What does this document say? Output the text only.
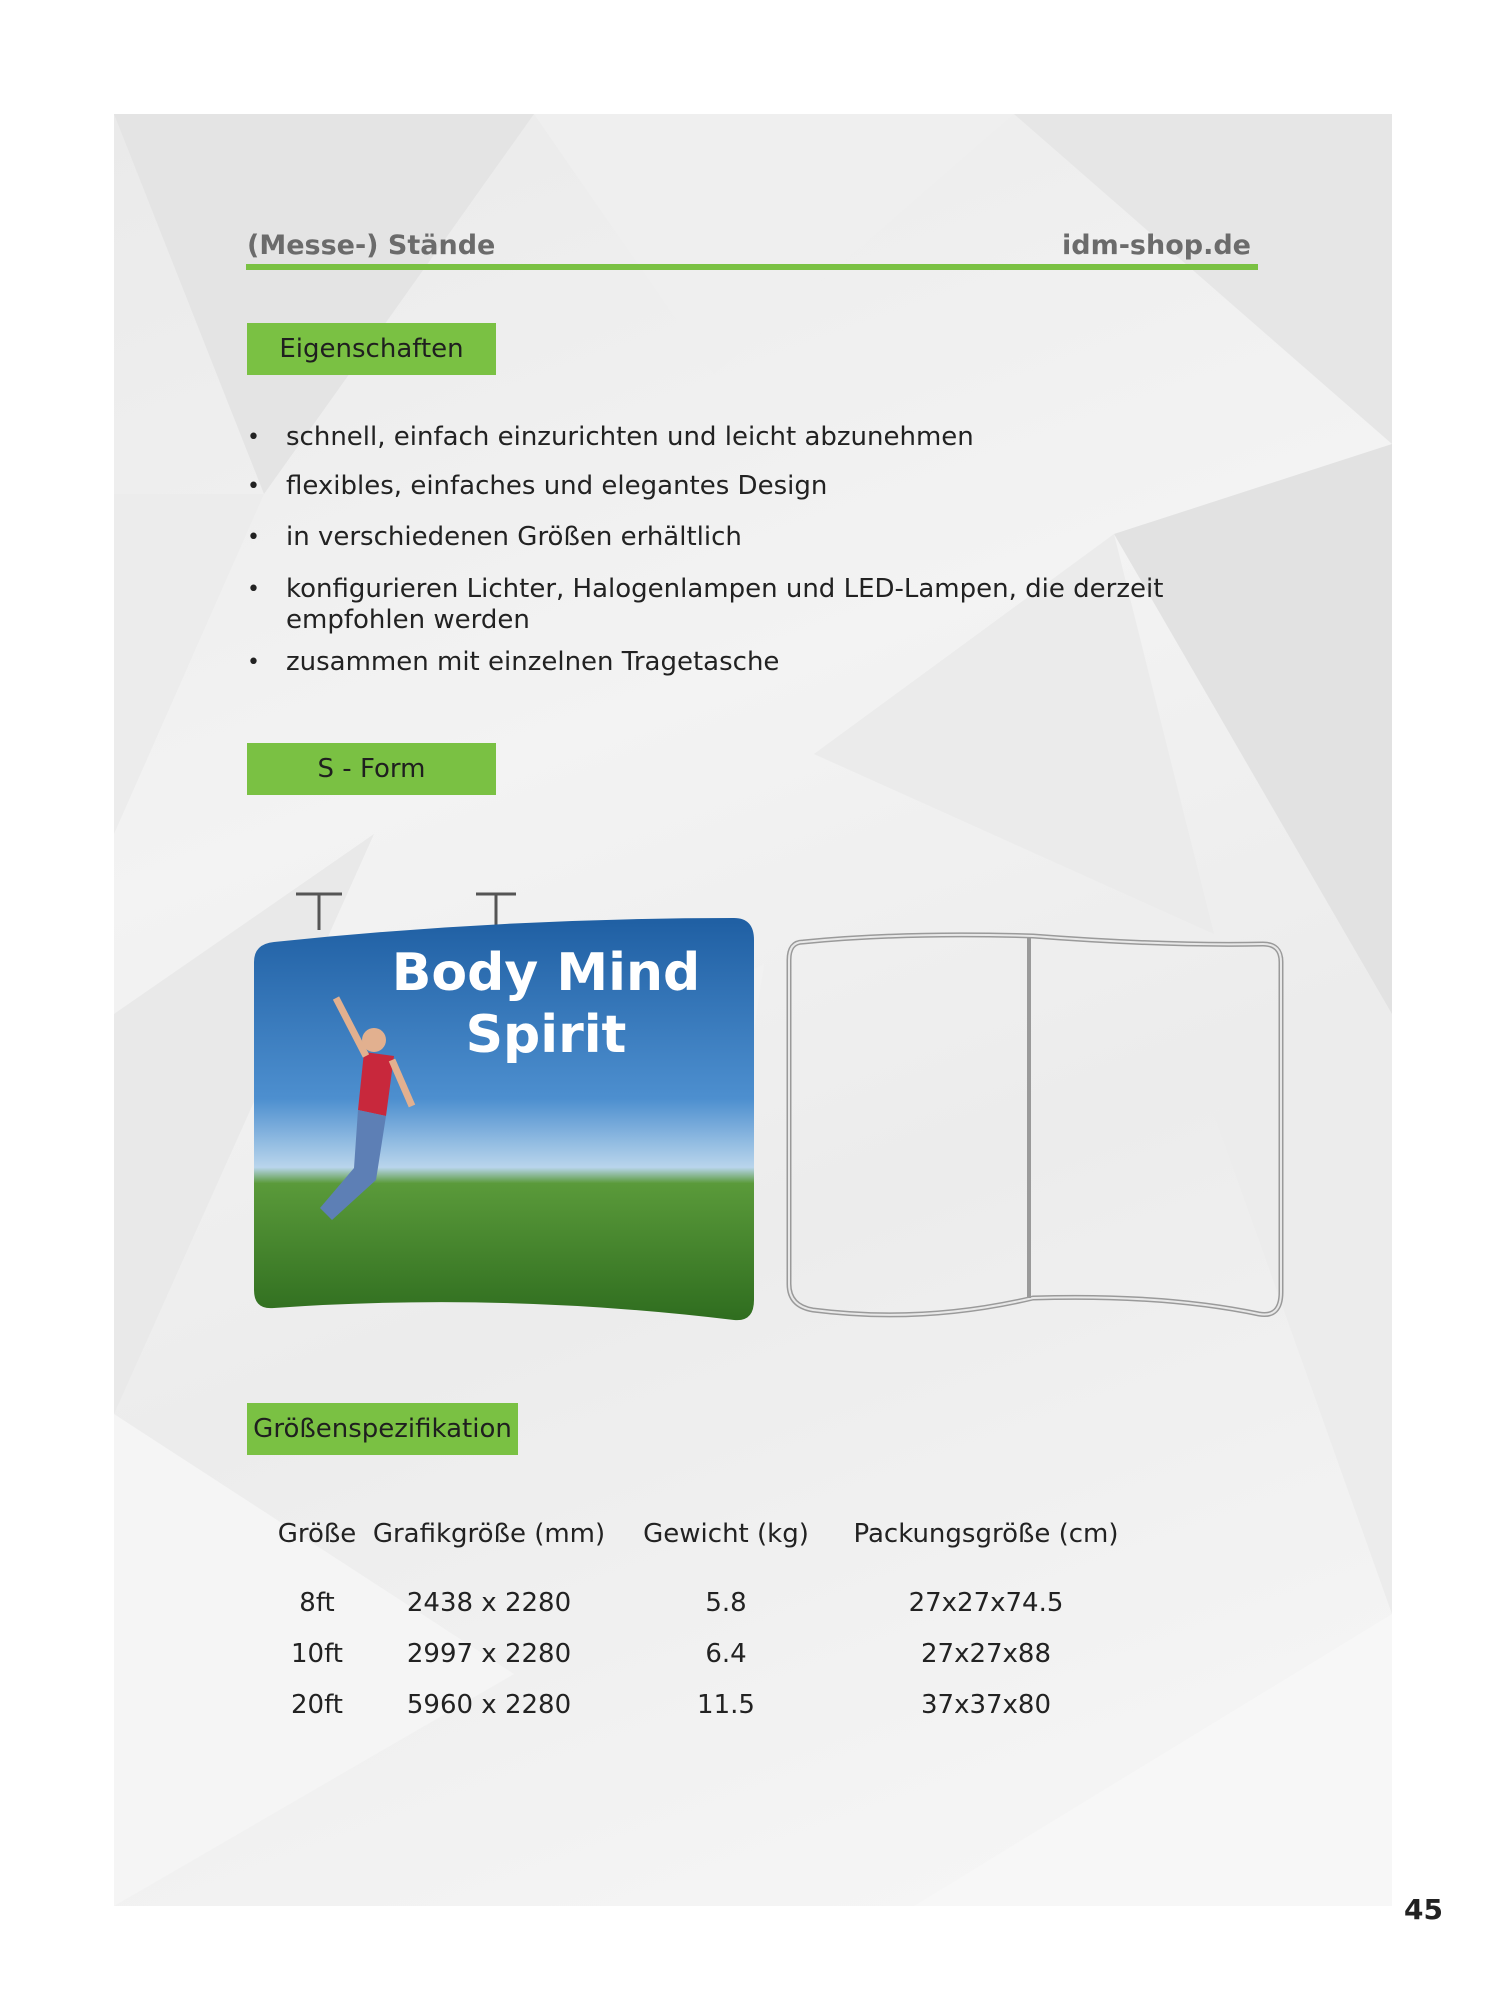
(Messe-) Stände	idm-shop.de
Eigenschaften
• schnell, einfach einzurichten und leicht abzunehmen
• flexibles, einfaches und elegantes Design
• in verschiedenen Größen erhältlich
• konfigurieren Lichter, Halogenlampen und LED-Lampen, die derzeit empfohlen werden
• zusammen mit einzelnen Tragetasche
S - Form
Body Mind
Spirit
Größenspezifikation
Größe	Grafikgröße (mm)	Gewicht (kg)	Packungsgröße (cm)	
8ft	2438 x 2280	5.8	27x27x74.5	
10ft	2997 x 2280	6.4	27x27x88	
20ft	5960 x 2280	11.5	37x37x80	
45
